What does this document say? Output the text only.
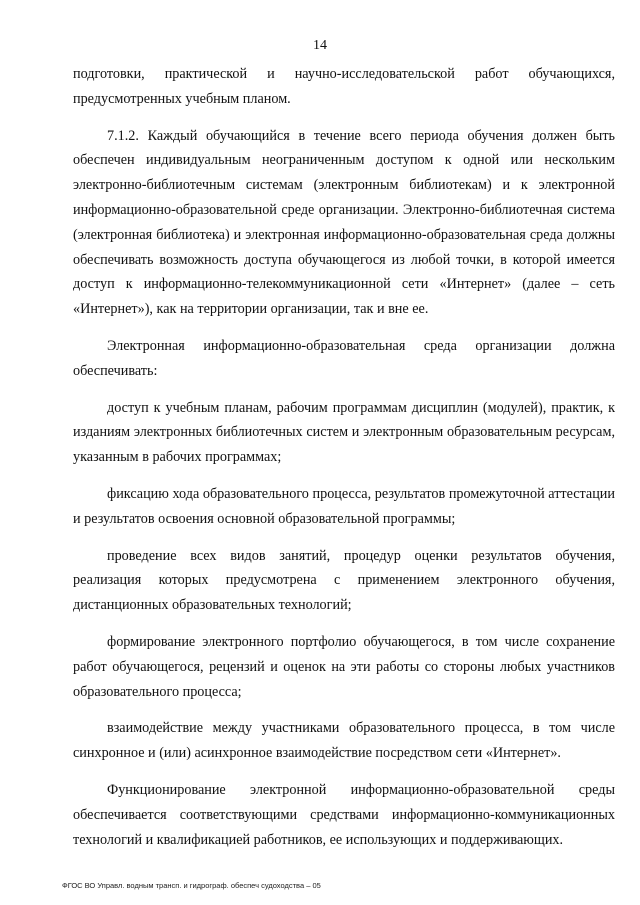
14

подготовки, практической и научно-исследовательской работ обучающихся, предусмотренных учебным планом.

7.1.2. Каждый обучающийся в течение всего периода обучения должен быть обеспечен индивидуальным неограниченным доступом к одной или нескольким электронно-библиотечным системам (электронным библиотекам) и к электронной информационно-образовательной среде организации. Электронно-библиотечная система (электронная библиотека) и электронная информационно-образовательная среда должны обеспечивать возможность доступа обучающегося из любой точки, в которой имеется доступ к информационно-телекоммуникационной сети «Интернет» (далее – сеть «Интернет»), как на территории организации, так и вне ее.

Электронная информационно-образовательная среда организации должна обеспечивать:

доступ к учебным планам, рабочим программам дисциплин (модулей), практик, к изданиям электронных библиотечных систем и электронным образовательным ресурсам, указанным в рабочих программах;

фиксацию хода образовательного процесса, результатов промежуточной аттестации и результатов освоения основной образовательной программы;

проведение всех видов занятий, процедур оценки результатов обучения, реализация которых предусмотрена с применением электронного обучения, дистанционных образовательных технологий;

формирование электронного портфолио обучающегося, в том числе сохранение работ обучающегося, рецензий и оценок на эти работы со стороны любых участников образовательного процесса;

взаимодействие между участниками образовательного процесса, в том числе синхронное и (или) асинхронное взаимодействие посредством сети «Интернет».

Функционирование электронной информационно-образовательной среды обеспечивается соответствующими средствами информационно-коммуникационных технологий и квалификацией работников, ее использующих и поддерживающих.

ФГОС ВО Управл. водным трансп. и гидрограф. обеспеч судоходства – 05
